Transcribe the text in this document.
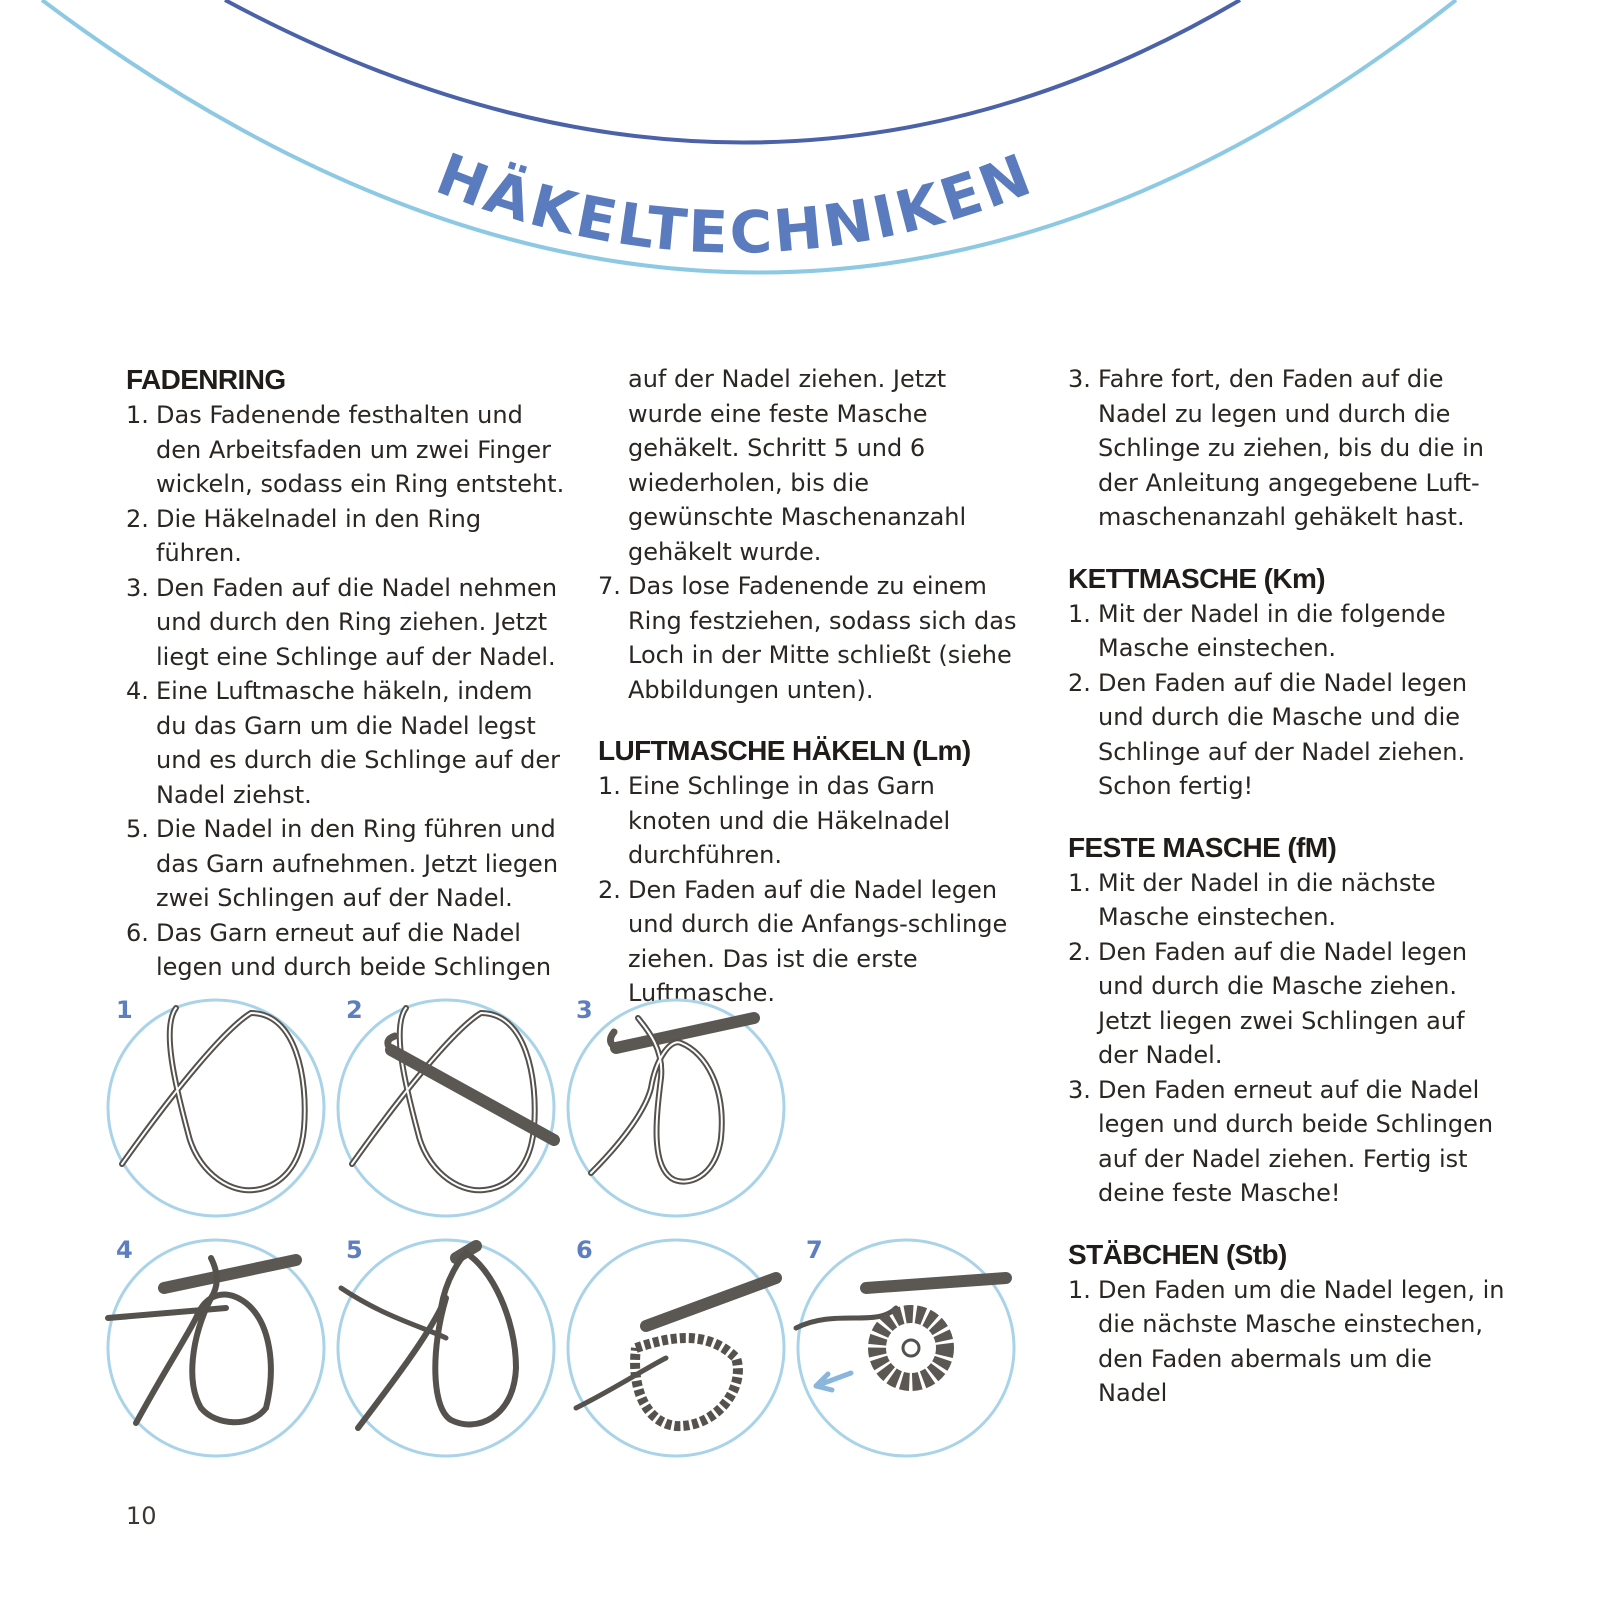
HÄKELTECHNIKEN
FADENRING
1. Das Fadenende festhalten und den Arbeitsfaden um zwei Finger wickeln, sodass ein Ring entsteht.
2. Die Häkelnadel in den Ring führen.
3. Den Faden auf die Nadel nehmen und durch den Ring ziehen. Jetzt liegt eine Schlinge auf der Nadel.
4. Eine Luftmasche häkeln, indem du das Garn um die Nadel legst und es durch die Schlinge auf der Nadel ziehst.
5. Die Nadel in den Ring führen und das Garn aufnehmen. Jetzt liegen zwei Schlingen auf der Nadel.
6. Das Garn erneut auf die Nadel legen und durch beide Schlingen
auf der Nadel ziehen. Jetzt wurde eine feste Masche gehäkelt. Schritt 5 und 6 wiederholen, bis die gewünschte Maschenanzahl gehäkelt wurde.
7. Das lose Fadenende zu einem Ring festziehen, sodass sich das Loch in der Mitte schließt (siehe Abbildungen unten).
LUFTMASCHE HÄKELN (Lm)
1. Eine Schlinge in das Garn knoten und die Häkelnadel durchführen.
2. Den Faden auf die Nadel legen und durch die Anfangs-schlinge ziehen. Das ist die erste Luftmasche.
3. Fahre fort, den Faden auf die Nadel zu legen und durch die Schlinge zu ziehen, bis du die in der Anleitung angegebene Luft-maschenanzahl gehäkelt hast.
KETTMASCHE (Km)
1. Mit der Nadel in die folgende Masche einstechen.
2. Den Faden auf die Nadel legen und durch die Masche und die Schlinge auf der Nadel ziehen. Schon fertig!
FESTE MASCHE (fM)
1. Mit der Nadel in die nächste Masche einstechen.
2. Den Faden auf die Nadel legen und durch die Masche ziehen. Jetzt liegen zwei Schlingen auf der Nadel.
3. Den Faden erneut auf die Nadel legen und durch beide Schlingen auf der Nadel ziehen. Fertig ist deine feste Masche!
STÄBCHEN (Stb)
1. Den Faden um die Nadel legen, in die nächste Masche einstechen, den Faden abermals um die Nadel
1	2	3
4	5	6	7
10
